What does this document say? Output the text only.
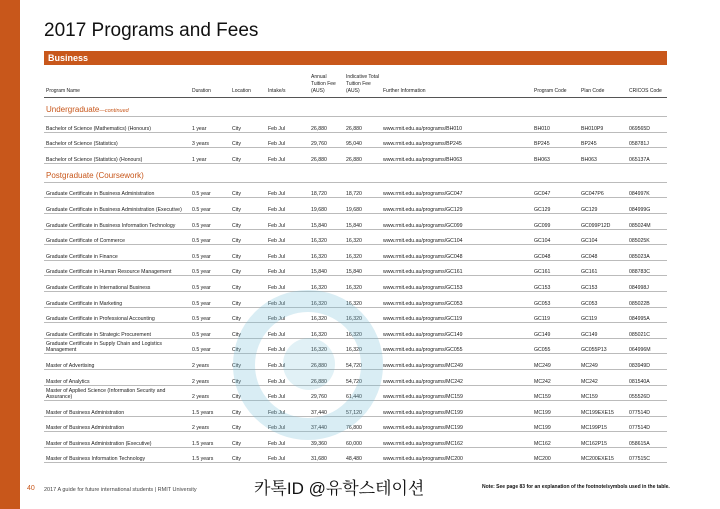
2017 Programs and Fees
Business
Program Name	Duration	Location	Intake/s	Annual Tuition Fee (AUS)	Indicative Total Tuition Fee (AUS)	Further Information	Program Code	Plan Code	CRICOS Code
Undergraduate—continued									
Bachelor of Science (Mathematics) (Honours)	1 year	City	Feb Jul	26,880	26,880	www.rmit.edu.au/programs/BH010	BH010	BH010P9	069565D
Bachelor of Science (Statistics)	3 years	City	Feb Jul	29,760	95,040	www.rmit.edu.au/programs/BP245	BP245	BP245	058781J
Bachelor of Science (Statistics) (Honours)	1 year	City	Feb Jul	26,880	26,880	www.rmit.edu.au/programs/BH063	BH063	BH063	065137A
Postgraduate (Coursework)									
Graduate Certificate in Business Administration	0.5 year	City	Feb Jul	18,720	18,720	www.rmit.edu.au/programs/GC047	GC047	GC047P6	084997K
Graduate Certificate in Business Administration (Executive)	0.5 year	City	Feb Jul	19,680	19,680	www.rmit.edu.au/programs/GC129	GC129	GC129	084999G
Graduate Certificate in Business Information Technology	0.5 year	City	Feb Jul	15,840	15,840	www.rmit.edu.au/programs/GC099	GC099	GC099P12D	085024M
Graduate Certificate of Commerce	0.5 year	City	Feb Jul	16,320	16,320	www.rmit.edu.au/programs/GC104	GC104	GC104	085025K
Graduate Certificate in Finance	0.5 year	City	Feb Jul	16,320	16,320	www.rmit.edu.au/programs/GC048	GC048	GC048	085023A
Graduate Certificate in Human Resource Management	0.5 year	City	Feb Jul	15,840	15,840	www.rmit.edu.au/programs/GC161	GC161	GC161	088783C
Graduate Certificate in International Business	0.5 year	City	Feb Jul	16,320	16,320	www.rmit.edu.au/programs/GC153	GC153	GC153	084998J
Graduate Certificate in Marketing	0.5 year	City	Feb Jul	16,320	16,320	www.rmit.edu.au/programs/GC053	GC053	GC053	085022B
Graduate Certificate in Professional Accounting	0.5 year	City	Feb Jul	16,320	16,320	www.rmit.edu.au/programs/GC119	GC119	GC119	084995A
Graduate Certificate in Strategic Procurement	0.5 year	City	Feb Jul	16,320	16,320	www.rmit.edu.au/programs/GC149	GC149	GC149	085021C
Graduate Certificate in Supply Chain and Logistics Management	0.5 year	City	Feb Jul	16,320	16,320	www.rmit.edu.au/programs/GC055	GC055	GC055P13	064996M
Master of Advertising	2 years	City	Feb Jul	26,880	54,720	www.rmit.edu.au/programs/MC249	MC249	MC249	083949D
Master of Analytics	2 years	City	Feb Jul	26,880	54,720	www.rmit.edu.au/programs/MC242	MC242	MC242	081540A
Master of Applied Science (Information Security and Assurance)	2 years	City	Feb Jul	29,760	61,440	www.rmit.edu.au/programs/MC159	MC159	MC159	055526D
Master of Business Administration	1.5 years	City	Feb Jul	37,440	57,120	www.rmit.edu.au/programs/MC199	MC199	MC199EXE15	077514D
Master of Business Administration	2 years	City	Feb Jul	37,440	76,800	www.rmit.edu.au/programs/MC199	MC199	MC199P15	077514D
Master of Business Administration (Executive)	1.5 years	City	Feb Jul	39,360	60,000	www.rmit.edu.au/programs/MC162	MC162	MC162P15	058615A
Master of Business Information Technology	1.5 years	City	Feb Jul	31,680	48,480	www.rmit.edu.au/programs/MC200	MC200	MC200EXE15	077515C
40 2017 A guide for future international students | RMIT University	Note: See page 83 for an explanation of the footnote/symbols used in the table.
카톡ID @유학스테이션
